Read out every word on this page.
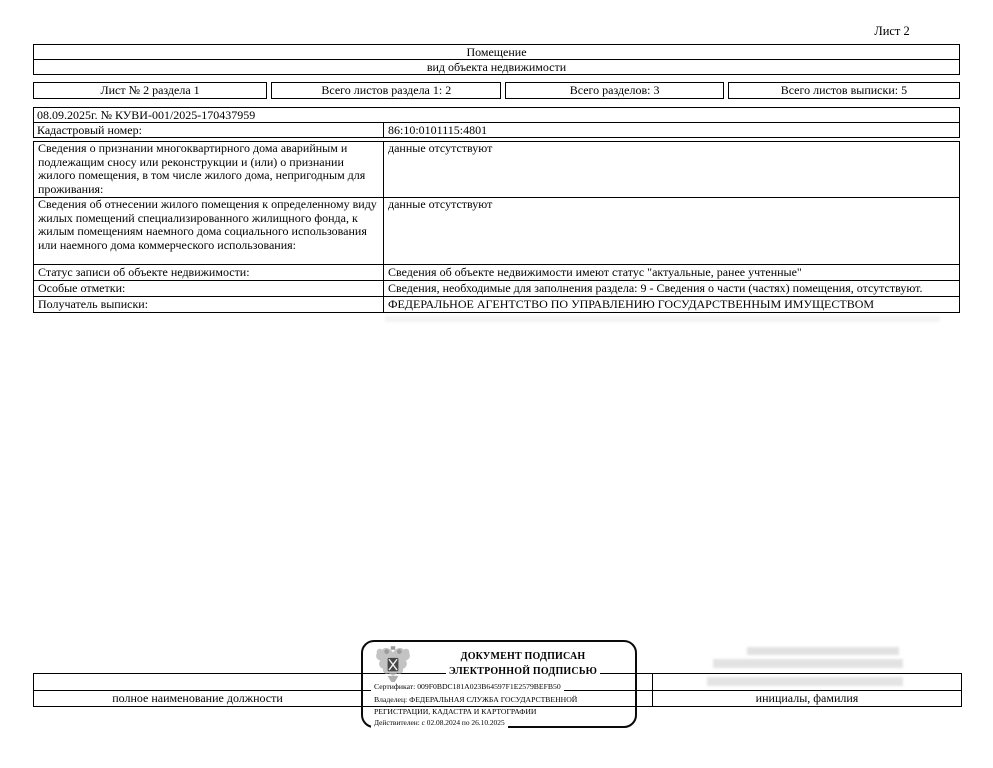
Лист 2
Помещение
вид объекта недвижимости
Лист № 2 раздела 1	Всего листов раздела 1: 2	Всего разделов: 3	Всего листов выписки: 5
08.09.2025г. № КУВИ-001/2025-170437959
Кадастровый номер:	86:10:0101115:4801
Сведения о признании многоквартирного дома аварийным и подлежащим сносу или реконструкции и (или) о признании жилого помещения, в том числе жилого дома, непригодным для проживания:
данные отсутствуют
Сведения об отнесении жилого помещения к определенному виду жилых помещений специализированного жилищного фонда, к жилым помещениям наемного дома социального использования или наемного дома коммерческого использования:
данные отсутствуют
Статус записи об объекте недвижимости:	Сведения об объекте недвижимости имеют статус "актуальные, ранее учтенные"
Особые отметки:	Сведения, необходимые для заполнения раздела: 9 - Сведения о части (частях) помещения, отсутствуют.
Получатель выписки:	ФЕДЕРАЛЬНОЕ АГЕНТСТВО ПО УПРАВЛЕНИЮ ГОСУДАРСТВЕННЫМ ИМУЩЕСТВОМ
полное наименование должности	инициалы, фамилия
ДОКУМЕНТ ПОДПИСАН
ЭЛЕКТРОННОЙ ПОДПИСЬЮ
Сертификат: 009F0BDC181A023B64597F1E2579BEFB50
Владелец: ФЕДЕРАЛЬНАЯ СЛУЖБА ГОСУДАРСТВЕННОЙ
РЕГИСТРАЦИИ, КАДАСТРА И КАРТОГРАФИИ
Действителен: с 02.08.2024 по 26.10.2025
